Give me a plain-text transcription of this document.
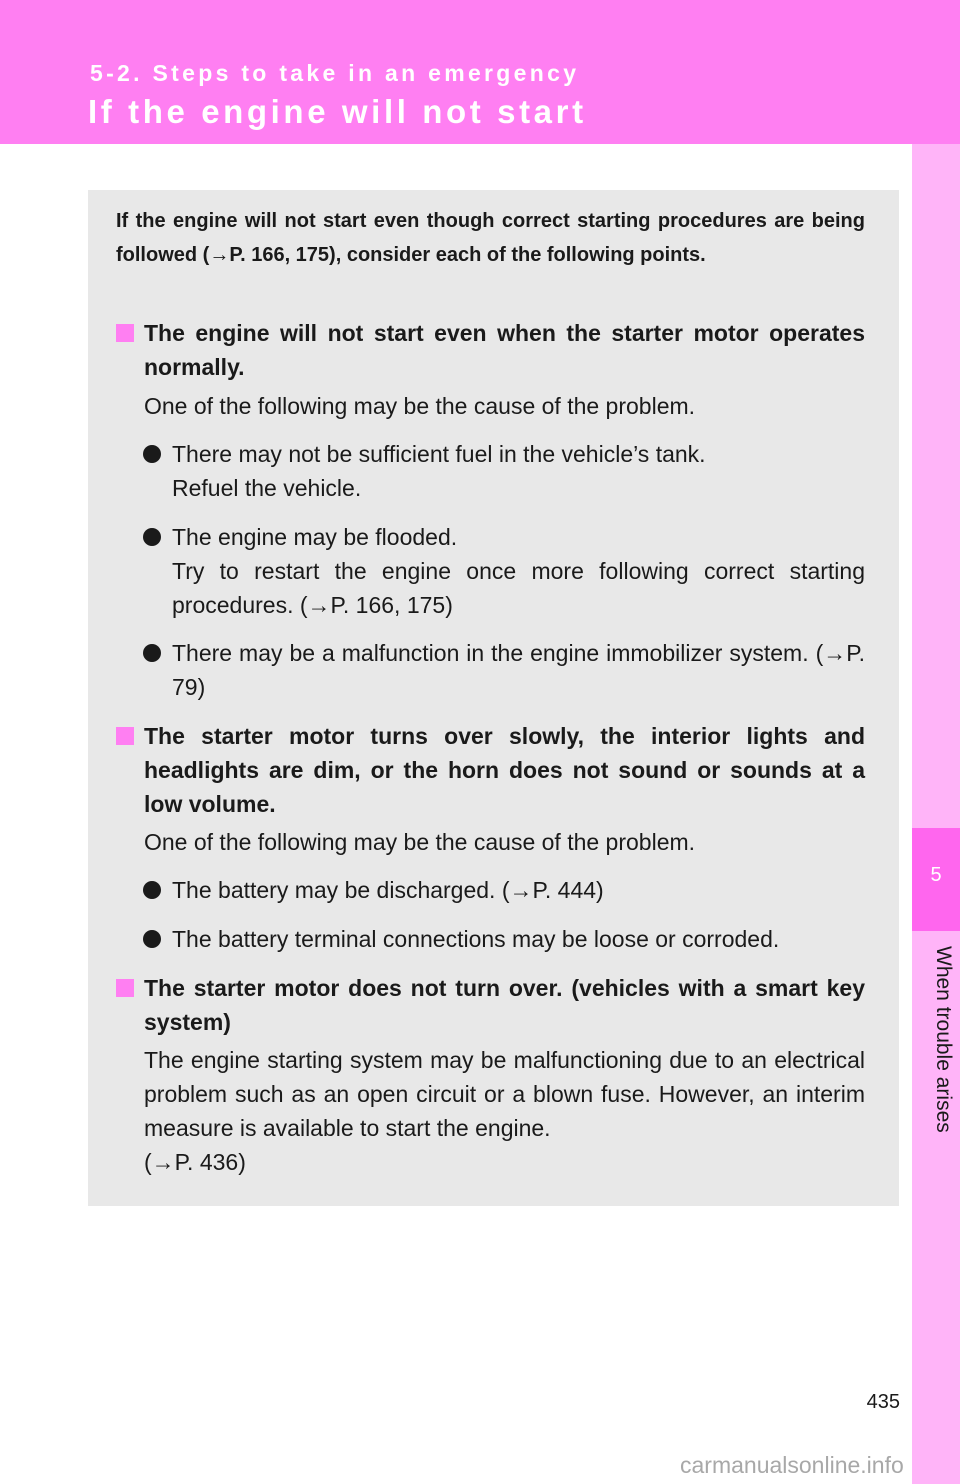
5-2. Steps to take in an emergency
If the engine will not start
5
When trouble arises
If the engine will not start even though correct starting procedures are being followed (→P. 166, 175), consider each of the following points.
The engine will not start even when the starter motor operates normally.
One of the following may be the cause of the problem.
There may not be sufficient fuel in the vehicle’s tank.
Refuel the vehicle.
The engine may be flooded.
Try to restart the engine once more following correct starting procedures. (→P. 166, 175)
There may be a malfunction in the engine immobilizer system. (→P. 79)
The starter motor turns over slowly, the interior lights and headlights are dim, or the horn does not sound or sounds at a low volume.
One of the following may be the cause of the problem.
The battery may be discharged. (→P. 444)
The battery terminal connections may be loose or corroded.
The starter motor does not turn over. (vehicles with a smart key system)
The engine starting system may be malfunctioning due to an electrical problem such as an open circuit or a blown fuse. However, an interim measure is available to start the engine.
(→P. 436)
435
carmanualsonline.info
